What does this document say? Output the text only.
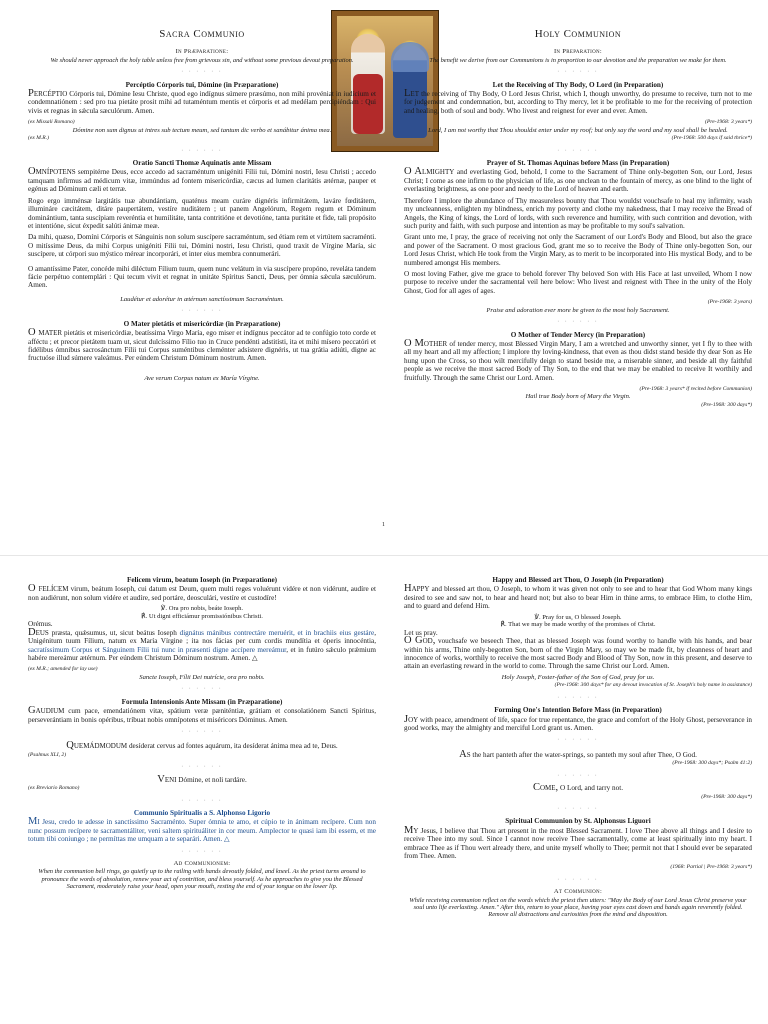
Sacra Communio
In Præparatione:
We should never approach the holy table unless free from grievous sin, and without some previous devout preparation.
· · · · · ·
Percéptio Córporis tui, Dómine (in Præparatione)

Percéptio Córporis tui, Dómine Iesu Christe, quod ego indígnus súmere præsúmo, non mihi provéniat in iudícium et condemnatiónem : sed pro tua pietáte prosit mihi ad tutaméntum mentis et córporis et ad medélam percipiéndam : Qui vivis et regnas in sǽcula sæculórum. Amen.

(ex Missali Romano)
Dómine non sum dignus ut intres sub tectum meum, sed tantum dic verbo et sanábitur ánima mea.
(ex M.R.)
· · · · · ·
Oratio Sancti Thomæ Aquinatis ante Missam

Omnípotens sempitérne Deus, ecce accedo ad sacraméntum unigéniti Fílii tui, Dómini nostri, Iesu Christi ; accedo tamquam infírmus ad médicum vitæ, immúndus ad fontem misericórdiæ, cæcus ad lumen claritátis ætérnæ, pauper et egénus ad Dóminum cæli et terræ.

Rogo ergo imménsæ largitátis tuæ abundántiam, quaténus meam curáre dignéris infirmitátem, laváre fœditátem, illumináre cæcitátem, ditáre paupertátem, vestíre nuditátem ; ut panem Angelórum, Regem regum et Dóminum dominántium, tanta suscípiam reveréntia et humilitáte, tanta contritióne et devotióne, tanta puritáte et fide, tali propósito et intentióne, sicut éxpedit salúti ánimæ meæ.

Da mihi, quæso, Domíni Córporis et Sánguinis non solum suscípere sacraméntum, sed étiam rem et virtútem sacraménti. O mitíssime Deus, da mihi Corpus unigéniti Fílii tui, Dómini nostri, Iesu Christi, quod traxit de Vírgine María, sic suscípere, ut córpori suo mýstico mérear incorporári, et inter eius membra connumerári.

O amantíssime Pater, concéde mihi diléctum Fílium tuum, quem nunc velátum in via suscípere propóno, reveláta tandem fácie perpétuo contemplári : Qui tecum vivit et regnat in unitáte Spíritus Sancti, Deus, per ómnia sǽcula sæculórum. Amen.

Laudétur et adorétur in ætérnum sanctíssimum Sacraméntum.
· · · · · ·
O Mater pietátis et misericórdiæ (in Præparatione)

O mater pietátis et misericórdiæ, beatíssima Virgo María, ego miser et indígnus peccátor ad te confúgio toto corde et afféctu ; et precor pietátem tuam ut, sicut dulcíssimo Fílio tuo in Cruce pendénti adstitísti, ita et mihi mísero peccatóri et fidélibus ómnibus sacrosánctum Fílii tui Corpus suméntibus cleménter adsístere dignéris, ut tua grátia adiúti, digne ac fructuóse illud súmere valeámus. Per eúndem Christum Dóminum nostrum. Amen.

Ave verum Corpus natum ex María Vírgine.
Holy Communion
In Preparation:
The benefit we derive from our Communions is in proportion to our devotion and the preparation we make for them.
· · · · · ·
Let the Receiving of Thy Body, O Lord (in Preparation)

Let the receiving of Thy Body, O Lord Jesus Christ, which I, though unworthy, do presume to receive, turn not to me for judgement and condemnation, but, according to Thy mercy, let it be profitable to me for the receiving of protection and healing, both of soul and body. Who livest and reignest for ever and ever. Amen.

(Pre-1968: 3 years*)
Lord, I am not worthy that Thou shouldst enter under my roof; but only say the word and my soul shall be healed.
(Pre-1968: 500 days if said thrice*)
· · · · · ·
Prayer of St. Thomas Aquinas before Mass (in Preparation)

O Almighty and everlasting God, behold, I come to the Sacrament of Thine only-begotten Son, our Lord, Jesus Christ; I come as one infirm to the physician of life, as one unclean to the fountain of mercy, as one blind to the light of everlasting brightness, as one poor and needy to the Lord of heaven and earth.

Therefore I implore the abundance of Thy measureless bounty that Thou wouldst vouchsafe to heal my infirmity, wash my uncleanness, enlighten my blindness, enrich my poverty and clothe my nakedness, that I may receive the Bread of Angels, the King of kings, the Lord of lords, with such reverence and humility, with such contrition and devotion, with such purity and faith, with such purpose and intention as may be profitable to my soul's salvation.

Grant unto me, I pray, the grace of receiving not only the Sacrament of our Lord's Body and Blood, but also the grace and power of the Sacrament. O most gracious God, grant me so to receive the Body of Thine only-begotten Son, our Lord Jesus Christ, which He took from the Virgin Mary, as to merit to be incorporated into His mystical Body, and to be numbered amongst His members.

O most loving Father, give me grace to behold forever Thy beloved Son with His Face at last unveiled, Whom I now purpose to receive under the sacramental veil here below: Who livest and reignest with Thee in the unity of the Holy Ghost, God for all ages of ages.

(Pre-1968: 3 years)
Praise and adoration ever more be given to the most holy Sacrament.
· · · · · ·
O Mother of Tender Mercy (in Preparation)

O Mother of tender mercy, most Blessed Virgin Mary, I am a wretched and unworthy sinner, yet I fly to thee with all my heart and all my affection; I implore thy loving-kindness, that even as thou didst stand beside thy dear Son as He hung upon the Cross, so thou wilt mercifully deign to stand beside me, a miserable sinner, and beside all thy faithful people as we receive the most sacred Body of Thy Son, to the end that we may be enabled to receive It worthily and fruitfully. Through the same Christ our Lord. Amen.

(Pre-1968: 3 years* if recited before Communion)
Hail true Body born of Mary the Virgin.
(Pre-1968: 300 days*)
1
Felicem virum, beatum Ioseph (in Præparatione)

O felícem virum, beátum Ioseph, cui datum est Deum, quem multi reges voluérunt vidére et non vidérunt, audíre et non audiérunt, non solum vidére et audíre, sed portáre, deosculári, vestíre et custodíre!

℣. Ora pro nobis, beáte Ioseph.
℟. Ut digni efficiámur promissiónibus Christi.
Orémus.

Deus præsta, quǽsumus, ut, sicut beátus Ioseph dignátus mánibus contrectáre meruérit, et in brachiis eius gestáre, Unigénitum tuum Fílium, natum ex María Vírgine ; ita nos fácias per cum cordis mundítia et óperis innocéntia, sacratíssimum Corpus et Sánguinem Fílii tui nunc in præsenti digne accípere mereámur, et in futúro sǽculo prǽmium habére mereámur ætérnum. Per eúndem Christum Dóminum nostrum. Amen. △

(ex M.R.; amended for lay use)
Sancte Ioseph, Fílii Dei nutrície, ora pro nobis.
· · · · · ·
Formula Intensionis Ante Missam (in Præparatione)

Gaudium cum pace, emendatiónem vitæ, spátium veræ pæniténtiæ, grátiam et consolatiónem Sancti Spíritus, perseverántiam in bonis opéribus, tríbuat nobis omnípotens et miséricors Dóminus. Amen.

· · · · · ·
Quemádmodum desíderat cervus ad fontes aquárum, ita desíderat ánima mea ad te, Deus.
(Psalmus XLI, 2)
· · · · · ·
Veni Dómine, et noli tardáre.
(ex Breviario Romano)
· · · · · ·
Communio Spiritualis a S. Alphonso Ligorio

Mi Jesu, credo te adesse in sanctíssimo Sacraménto. Super ómnia te amo, et cúpio te in ánimam recípere. Cum non nunc possum recípere te sacramentáliter, veni saltem spirituáliter in cor meum. Amplector te quasi iam ibi essem, et me totum tibi coniungo ; ne permíttas me umquam a te separári. Amen. △

· · · · · ·
Ad Communionem:
When the communion bell rings, go quietly up to the railing with hands devoutly folded, and kneel. As the priest turns around to pronounce the words of absolution, renew your act of contrition, and bless yourself. As he approaches to give you the Blessed Sacrament, moderately raise your head, open your mouth, resting the end of your tongue on the lower lip.
Happy and Blessed art Thou, O Joseph (in Preparation)

Happy and blessed art thou, O Joseph, to whom it was given not only to see and to hear that God Whom many kings desired to see and saw not, to hear and heard not; but also to bear Him in thine arms, to embrace Him, to clothe Him, and to guard and defend Him.

℣. Pray for us, O blessed Joseph.
℟. That we may be made worthy of the promises of Christ.
Let us pray.

O God, vouchsafe we beseech Thee, that as blessed Joseph was found worthy to handle with his hands, and bear within his arms, Thine only-begotten Son, born of the Virgin Mary, so may we be made fit, by cleanness of heart and innocence of works, worthily to receive the most sacred Body and Blood of Thy Son, now in this present, and deserve to attain an everlasting reward in the world to come. Through the same Christ our Lord. Amen.

Holy Joseph, Foster-father of the Son of God, pray for us.
(Pre-1968: 300 days* for any devout invocation of St. Joseph's holy name in assistance)
· · · · · ·
Forming One's Intention Before Mass (in Preparation)

Joy with peace, amendment of life, space for true repentance, the grace and comfort of the Holy Ghost, perseverance in good works, may the almighty and merciful Lord grant us. Amen.

· · · · · ·
As the hart panteth after the water-springs, so panteth my soul after Thee, O God.
(Pre-1968: 300 days*; Psalm 41:2)
· · · · · ·
Come, O Lord, and tarry not.
(Pre-1968: 300 days*)
· · · · · ·
Spiritual Communion by St. Alphonsus Liguori

My Jesus, I believe that Thou art present in the most Blessed Sacrament. I love Thee above all things and I desire to receive Thee into my soul. Since I cannot now receive Thee sacramentally, come at least spiritually into my heart. I embrace Thee as if Thou wert already there, and unite myself wholly to Thee; permit not that I should ever be separated from Thee. Amen.

(1968: Partial | Pre-1968: 3 years*)
· · · · · ·
At Communion:
While receiving communion reflect on the words which the priest then utters: "May the Body of our Lord Jesus Christ preserve your soul unto life everlasting. Amen." After this, return to your place, having your eyes cast down and hands again reverently folded. Remove all distractions and curiosities from the mind and disposition.
